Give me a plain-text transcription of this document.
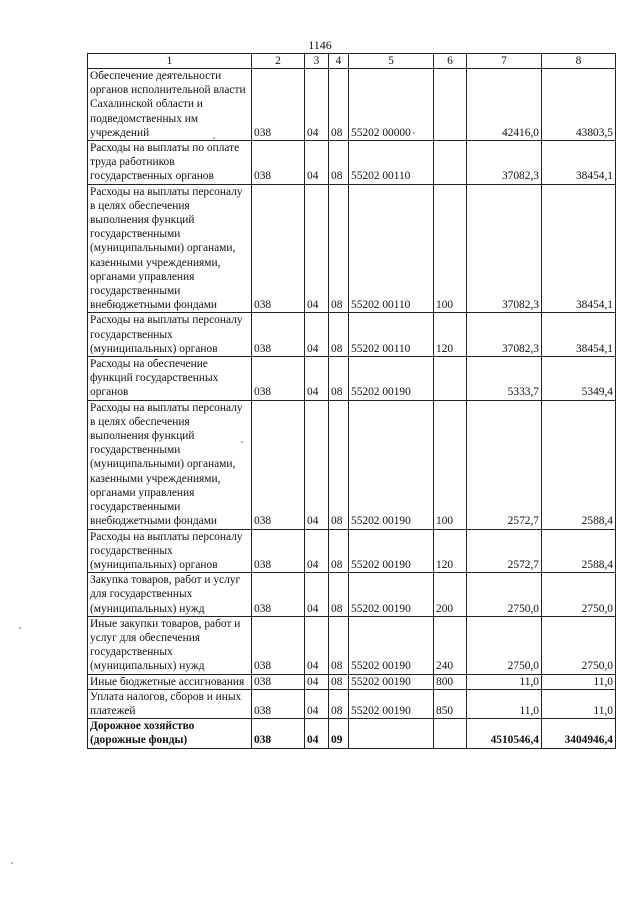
1146
1	2	3	4	5	6	7	8
Обеспечение деятельности органов исполнительной власти Сахалинской области и подведомственных им учреждений	038	04	08	55202 00000		42416,0	43803,5
Расходы на выплаты по оплате труда работников государственных органов	038	04	08	55202 00110		37082,3	38454,1
Расходы на выплаты персоналу в целях обеспечения выполнения функций государственными (муниципальными) органами, казенными учреждениями, органами управления государственными внебюджетными фондами	038	04	08	55202 00110	100	37082,3	38454,1
Расходы на выплаты персоналу государственных (муниципальных) органов	038	04	08	55202 00110	120	37082,3	38454,1
Расходы на обеспечение функций государственных органов	038	04	08	55202 00190		5333,7	5349,4
Расходы на выплаты персоналу в целях обеспечения выполнения функций государственными (муниципальными) органами, казенными учреждениями, органами управления государственными внебюджетными фондами	038	04	08	55202 00190	100	2572,7	2588,4
Расходы на выплаты персоналу государственных (муниципальных) органов	038	04	08	55202 00190	120	2572,7	2588,4
Закупка товаров, работ и услуг для государственных (муниципальных) нужд	038	04	08	55202 00190	200	2750,0	2750,0
Иные закупки товаров, работ и услуг для обеспечения государственных (муниципальных) нужд	038	04	08	55202 00190	240	2750,0	2750,0
Иные бюджетные ассигнования	038	04	08	55202 00190	800	11,0	11,0
Уплата налогов, сборов и иных платежей	038	04	08	55202 00190	850	11,0	11,0
Дорожное хозяйство (дорожные фонды)	038	04	09			4510546,4	3404946,4
